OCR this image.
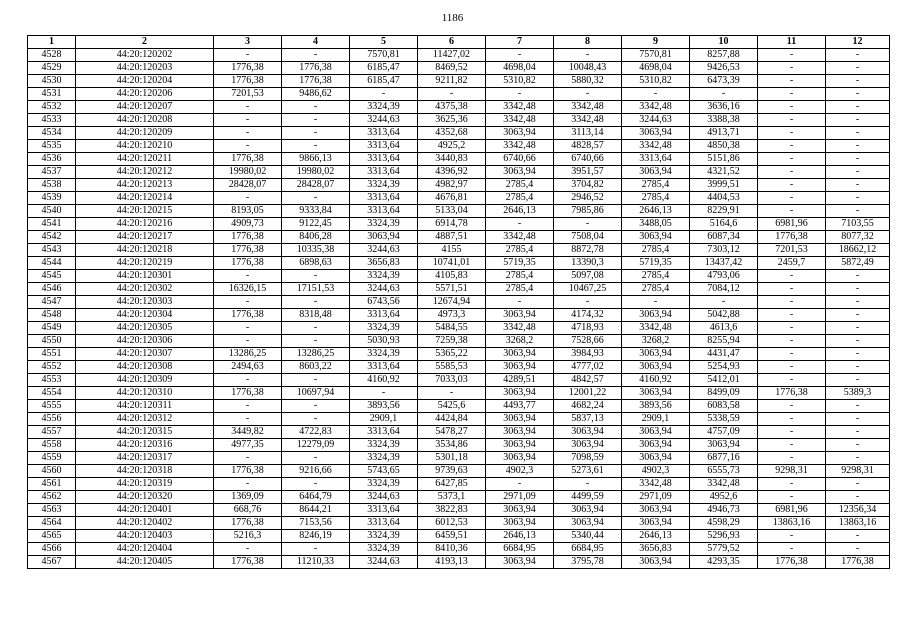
1186
1	2	3	4	5	6	7	8	9	10	11	12
4528	44:20:120202	-	-	7570,81	11427,02	-	-	7570,81	8257,88	-	-
4529	44:20:120203	1776,38	1776,38	6185,47	8469,52	4698,04	10048,43	4698,04	9426,53	-	-
4530	44:20:120204	1776,38	1776,38	6185,47	9211,82	5310,82	5880,32	5310,82	6473,39	-	-
4531	44:20:120206	7201,53	9486,62	-	-	-	-	-	-	-	-
4532	44:20:120207	-	-	3324,39	4375,38	3342,48	3342,48	3342,48	3636,16	-	-
4533	44:20:120208	-	-	3244,63	3625,36	3342,48	3342,48	3244,63	3388,38	-	-
4534	44:20:120209	-	-	3313,64	4352,68	3063,94	3113,14	3063,94	4913,71	-	-
4535	44:20:120210	-	-	3313,64	4925,2	3342,48	4828,57	3342,48	4850,38	-	-
4536	44:20:120211	1776,38	9866,13	3313,64	3440,83	6740,66	6740,66	3313,64	5151,86	-	-
4537	44:20:120212	19980,02	19980,02	3313,64	4396,92	3063,94	3951,57	3063,94	4321,52	-	-
4538	44:20:120213	28428,07	28428,07	3324,39	4982,97	2785,4	3704,82	2785,4	3999,51	-	-
4539	44:20:120214	-	-	3313,64	4676,81	2785,4	2946,52	2785,4	4404,53	-	-
4540	44:20:120215	8193,05	9333,84	3313,64	5133,04	2646,13	7985,86	2646,13	8229,91	-	-
4541	44:20:120216	4909,73	9122,45	3324,39	6914,78	-	-	3488,05	5164,6	6981,96	7103,55
4542	44:20:120217	1776,38	8406,28	3063,94	4887,51	3342,48	7508,04	3063,94	6087,34	1776,38	8077,32
4543	44:20:120218	1776,38	10335,38	3244,63	4155	2785,4	8872,78	2785,4	7303,12	7201,53	18662,12
4544	44:20:120219	1776,38	6898,63	3656,83	10741,01	5719,35	13390,3	5719,35	13437,42	2459,7	5872,49
4545	44:20:120301	-	-	3324,39	4105,83	2785,4	5097,08	2785,4	4793,06	-	-
4546	44:20:120302	16326,15	17151,53	3244,63	5571,51	2785,4	10467,25	2785,4	7084,12	-	-
4547	44:20:120303	-	-	6743,56	12674,94	-	-	-	-	-	-
4548	44:20:120304	1776,38	8318,48	3313,64	4973,3	3063,94	4174,32	3063,94	5042,88	-	-
4549	44:20:120305	-	-	3324,39	5484,55	3342,48	4718,93	3342,48	4613,6	-	-
4550	44:20:120306	-	-	5030,93	7259,38	3268,2	7528,66	3268,2	8255,94	-	-
4551	44:20:120307	13286,25	13286,25	3324,39	5365,22	3063,94	3984,93	3063,94	4431,47	-	-
4552	44:20:120308	2494,63	8603,22	3313,64	5585,53	3063,94	4777,02	3063,94	5254,93	-	-
4553	44:20:120309	-	-	4160,92	7033,03	4289,51	4842,57	4160,92	5412,01	-	-
4554	44:20:120310	1776,38	10697,94	-	-	3063,94	12001,22	3063,94	8499,09	1776,38	5389,3
4555	44:20:120311	-	-	3893,56	5425,6	4493,77	4682,24	3893,56	6083,58	-	-
4556	44:20:120312	-	-	2909,1	4424,84	3063,94	5837,13	2909,1	5338,59	-	-
4557	44:20:120315	3449,82	4722,83	3313,64	5478,27	3063,94	3063,94	3063,94	4757,09	-	-
4558	44:20:120316	4977,35	12279,09	3324,39	3534,86	3063,94	3063,94	3063,94	3063,94	-	-
4559	44:20:120317	-	-	3324,39	5301,18	3063,94	7098,59	3063,94	6877,16	-	-
4560	44:20:120318	1776,38	9216,66	5743,65	9739,63	4902,3	5273,61	4902,3	6555,73	9298,31	9298,31
4561	44:20:120319	-	-	3324,39	6427,85	-	-	3342,48	3342,48	-	-
4562	44:20:120320	1369,09	6464,79	3244,63	5373,1	2971,09	4499,59	2971,09	4952,6	-	-
4563	44:20:120401	668,76	8644,21	3313,64	3822,83	3063,94	3063,94	3063,94	4946,73	6981,96	12356,34
4564	44:20:120402	1776,38	7153,56	3313,64	6012,53	3063,94	3063,94	3063,94	4598,29	13863,16	13863,16
4565	44:20:120403	5216,3	8246,19	3324,39	6459,51	2646,13	5340,44	2646,13	5296,93	-	-
4566	44:20:120404	-	-	3324,39	8410,36	6684,95	6684,95	3656,83	5779,52	-	-
4567	44:20:120405	1776,38	11210,33	3244,63	4193,13	3063,94	3795,78	3063,94	4293,35	1776,38	1776,38
